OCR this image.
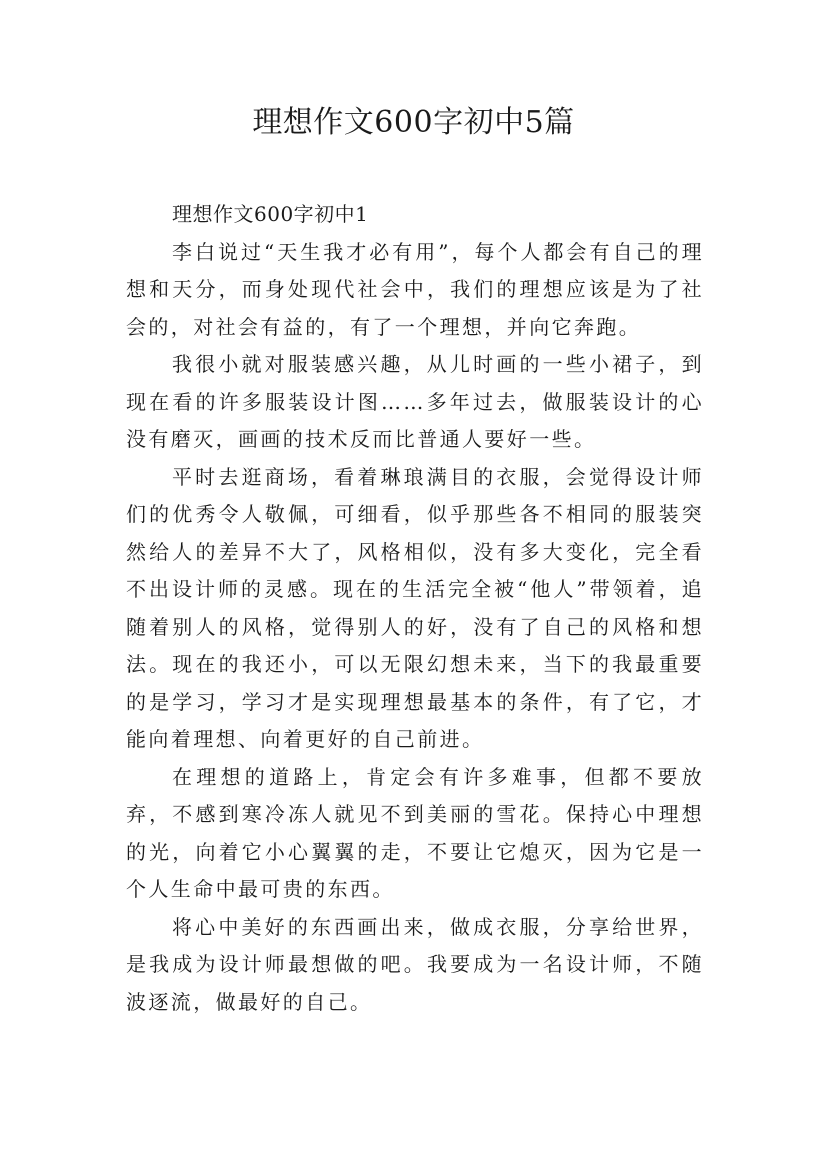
理想作文600字初中5篇

理想作文600字初中1

李白说过“天生我才必有用”，每个人都会有自己的理想和天分，而身处现代社会中，我们的理想应该是为了社会的，对社会有益的，有了一个理想，并向它奔跑。

我很小就对服装感兴趣，从儿时画的一些小裙子，到现在看的许多服装设计图……多年过去，做服装设计的心没有磨灭，画画的技术反而比普通人要好一些。

平时去逛商场，看着琳琅满目的衣服，会觉得设计师们的优秀令人敬佩，可细看，似乎那些各不相同的服装突然给人的差异不大了，风格相似，没有多大变化，完全看不出设计师的灵感。现在的生活完全被“他人”带领着，追随着别人的风格，觉得别人的好，没有了自己的风格和想法。现在的我还小，可以无限幻想未来，当下的我最重要的是学习，学习才是实现理想最基本的条件，有了它，才能向着理想、向着更好的自己前进。

在理想的道路上，肯定会有许多难事，但都不要放弃，不感到寒冷冻人就见不到美丽的雪花。保持心中理想的光，向着它小心翼翼的走，不要让它熄灭，因为它是一个人生命中最可贵的东西。

将心中美好的东西画出来，做成衣服，分享给世界，是我成为设计师最想做的吧。我要成为一名设计师，不随波逐流，做最好的自己。
